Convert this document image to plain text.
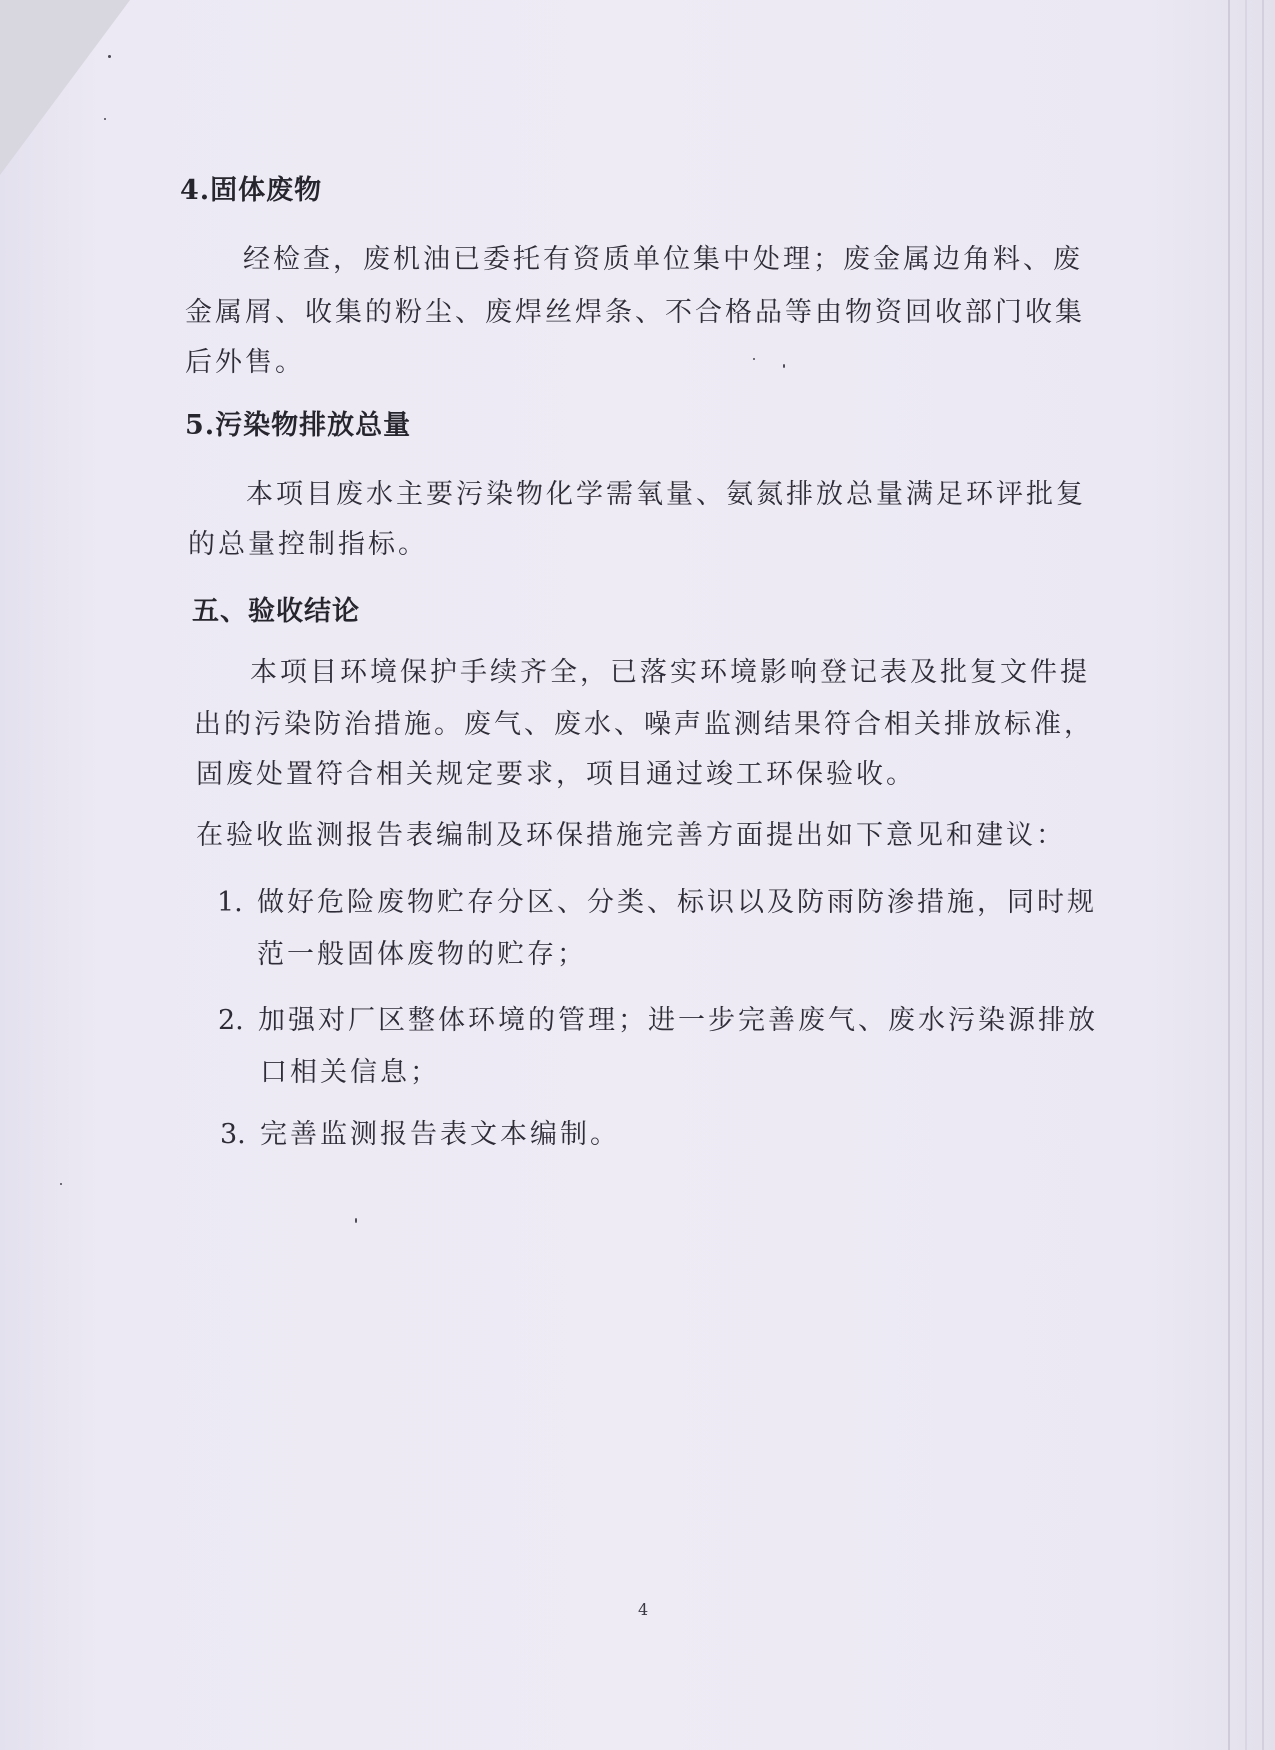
4.固体废物
经检查，废机油已委托有资质单位集中处理；废金属边角料、废
金属屑、收集的粉尘、废焊丝焊条、不合格品等由物资回收部门收集
后外售。
5.污染物排放总量
本项目废水主要污染物化学需氧量、氨氮排放总量满足环评批复
的总量控制指标。
五、验收结论
本项目环境保护手续齐全，已落实环境影响登记表及批复文件提
出的污染防治措施。废气、废水、噪声监测结果符合相关排放标准，
固废处置符合相关规定要求，项目通过竣工环保验收。
在验收监测报告表编制及环保措施完善方面提出如下意见和建议：
1. 做好危险废物贮存分区、分类、标识以及防雨防渗措施，同时规
范一般固体废物的贮存；
2. 加强对厂区整体环境的管理；进一步完善废气、废水污染源排放
口相关信息；
3. 完善监测报告表文本编制。
4
